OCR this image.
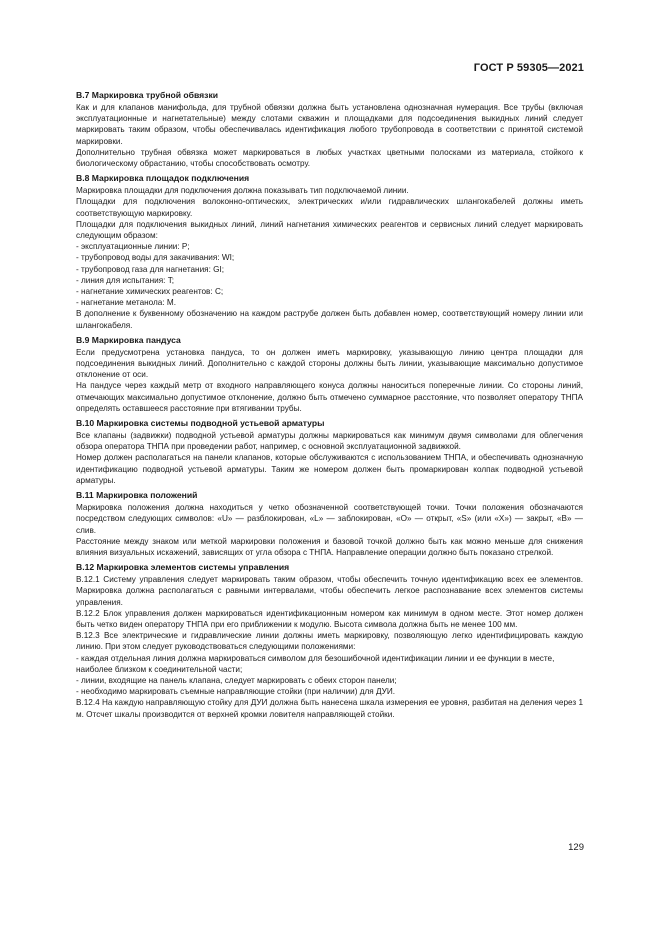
ГОСТ Р 59305—2021
В.7 Маркировка трубной обвязки

Как и для клапанов манифольда, для трубной обвязки должна быть установлена однозначная нумерация. Все трубы (включая эксплуатационные и нагнетательные) между слотами скважин и площадками для подсоединения выкидных линий следует маркировать таким образом, чтобы обеспечивалась идентификация любого трубопровода в соответствии с принятой системой маркировки.

Дополнительно трубная обвязка может маркироваться в любых участках цветными полосками из материала, стойкого к биологическому обрастанию, чтобы способствовать осмотру.

В.8 Маркировка площадок подключения

Маркировка площадки для подключения должна показывать тип подключаемой линии.

Площадки для подключения волоконно-оптических, электрических и/или гидравлических шлангокабелей должны иметь соответствующую маркировку.

Площадки для подключения выкидных линий, линий нагнетания химических реагентов и сервисных линий следует маркировать следующим образом:

- эксплуатационные линии: P;
- трубопровод воды для закачивания: WI;
- трубопровод газа для нагнетания: GI;
- линия для испытания: T;
- нагнетание химических реагентов: C;
- нагнетание метанола: M.

В дополнение к буквенному обозначению на каждом раструбе должен быть добавлен номер, соответствующий номеру линии или шлангокабеля.

В.9 Маркировка пандуса

Если предусмотрена установка пандуса, то он должен иметь маркировку, указывающую линию центра площадки для подсоединения выкидных линий. Дополнительно с каждой стороны должны быть линии, указывающие максимально допустимое отклонение от оси.

На пандусе через каждый метр от входного направляющего конуса должны наноситься поперечные линии. Со стороны линий, отмечающих максимально допустимое отклонение, должно быть отмечено суммарное расстояние, что позволяет оператору ТНПА определять оставшееся расстояние при втягивании трубы.

В.10 Маркировка системы подводной устьевой арматуры

Все клапаны (задвижки) подводной устьевой арматуры должны маркироваться как минимум двумя символами для облегчения обзора оператора ТНПА при проведении работ, например, с основной эксплуатационной задвижкой.

Номер должен располагаться на панели клапанов, которые обслуживаются с использованием ТНПА, и обеспечивать однозначную идентификацию подводной устьевой арматуры. Таким же номером должен быть промаркирован колпак подводной устьевой арматуры.

В.11 Маркировка положений

Маркировка положения должна находиться у четко обозначенной соответствующей точки. Точки положения обозначаются посредством следующих символов: «U» — разблокирован, «L» — заблокирован, «O» — открыт, «S» (или «X») — закрыт, «B» — слив.

Расстояние между знаком или меткой маркировки положения и базовой точкой должно быть как можно меньше для снижения влияния визуальных искажений, зависящих от угла обзора с ТНПА. Направление операции должно быть показано стрелкой.

В.12 Маркировка элементов системы управления

В.12.1 Систему управления следует маркировать таким образом, чтобы обеспечить точную идентификацию всех ее элементов. Маркировка должна располагаться с равными интервалами, чтобы обеспечить легкое распознавание всех элементов системы управления.

В.12.2 Блок управления должен маркироваться идентификационным номером как минимум в одном месте. Этот номер должен быть четко виден оператору ТНПА при его приближении к модулю. Высота символа должна быть не менее 100 мм.

В.12.3 Все электрические и гидравлические линии должны иметь маркировку, позволяющую легко идентифицировать каждую линию. При этом следует руководствоваться следующими положениями:

- каждая отдельная линия должна маркироваться символом для безошибочной идентификации линии и ее функции в месте, наиболее близком к соединительной части;
- линии, входящие на панель клапана, следует маркировать с обеих сторон панели;
- необходимо маркировать съемные направляющие стойки (при наличии) для ДУИ.

В.12.4 На каждую направляющую стойку для ДУИ должна быть нанесена шкала измерения ее уровня, разбитая на деления через 1 м. Отсчет шкалы производится от верхней кромки ловителя направляющей стойки.

129
